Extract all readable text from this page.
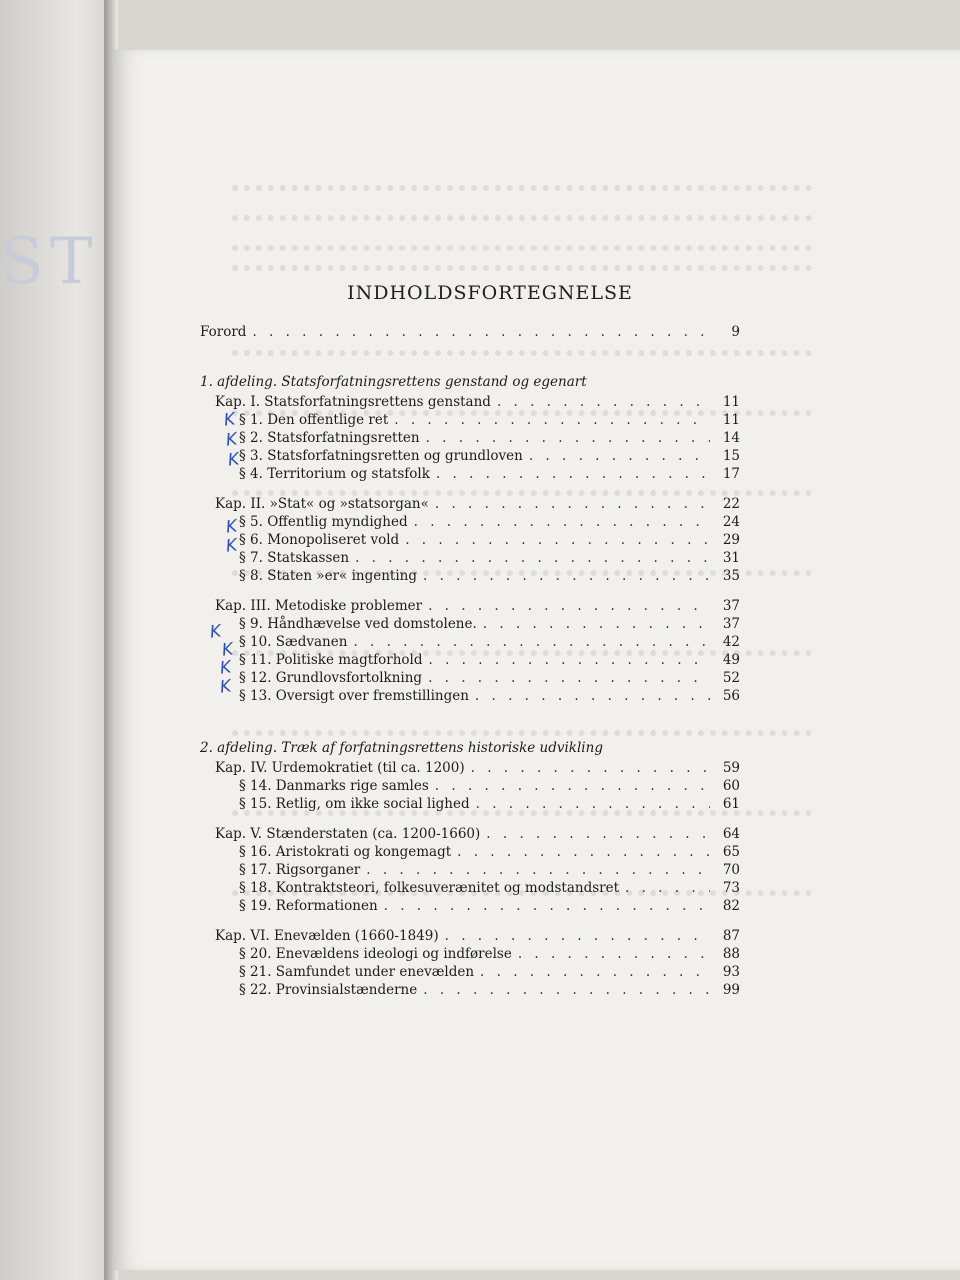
ST	INDHOLDSFORTEGNELSE
Forord . . .	9
1. afdeling. Statsforfatningsrettens genstand og egenart
2. afdeling. Træk af forfatningsrettens historiske udvikling
Kap. I. Statsforfatningsrettens genstand . . .	11
§ 1. Den offentlige ret . . .	11
§ 2. Statsforfatningsretten . . .	14
§ 3. Statsforfatningsretten og grundloven . . .	15
§ 4. Territorium og statsfolk . . .	17
Kap. II. »Stat« og »statsorgan« . . .	22
§ 5. Offentlig myndighed . . .	24
§ 6. Monopoliseret vold . . .	29
§ 7. Statskassen . . .	31
§ 8. Staten »er« ingenting . . .	35
Kap. III. Metodiske problemer . . .	37
§ 9. Håndhævelse ved domstolene. . . .	37
§ 10. Sædvanen . . .	42
§ 11. Politiske magtforhold . . .	49
§ 12. Grundlovsfortolkning . . .	52
§ 13. Oversigt over fremstillingen . . .	56
Kap. IV. Urdemokratiet (til ca. 1200) . . .	59
§ 14. Danmarks rige samles . . .	60
§ 15. Retlig, om ikke social lighed . . .	61
Kap. V. Stænderstaten (ca. 1200-1660) . . .	64
§ 16. Aristokrati og kongemagt . . .	65
§ 17. Rigsorganer . . .	70
§ 18. Kontraktsteori, folkesuverænitet og modstandsret . . .	73
§ 19. Reformationen . . .	82
Kap. VI. Enevælden (1660-1849) . . .	87
§ 20. Enevældens ideologi og indførelse . . .	88
§ 21. Samfundet under enevælden . . .	93
§ 22. Provinsialstænderne . . .	99
K
K
K
K
K
K
K
K
K
